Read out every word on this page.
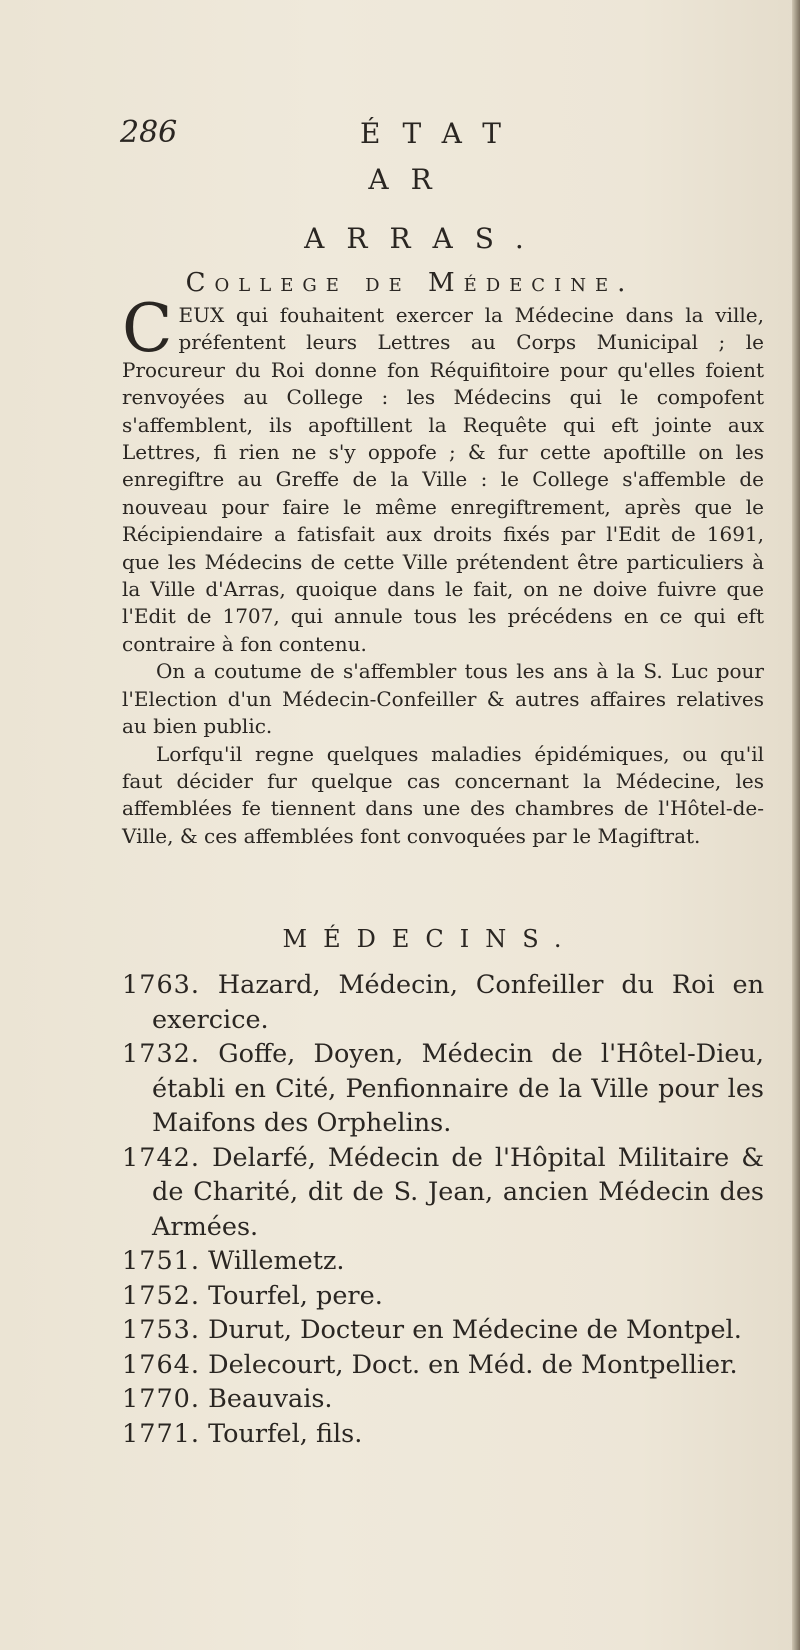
286	ÉTAT
AR
ARRAS.
College de Médecine.

CEUX qui fouhaitent exercer la Médecine dans la ville, préfentent leurs Lettres au Corps Municipal ; le Procureur du Roi donne fon Réquifitoire pour qu'elles foient renvoyées au College : les Médecins qui le compofent s'affemblent, ils apoftillent la Requête qui eft jointe aux Lettres, fi rien ne s'y oppofe ; & fur cette apoftille on les enregiftre au Greffe de la Ville : le College s'affemble de nouveau pour faire le même enregiftrement, après que le Récipiendaire a fatisfait aux droits fixés par l'Edit de 1691, que les Médecins de cette Ville prétendent être particuliers à la Ville d'Arras, quoique dans le fait, on ne doive fuivre que l'Edit de 1707, qui annule tous les précédens en ce qui eft contraire à fon contenu.

On a coutume de s'affembler tous les ans à la S. Luc pour l'Election d'un Médecin-Confeiller & autres affaires relatives au bien public.

Lorfqu'il regne quelques maladies épidémiques, ou qu'il faut décider fur quelque cas concernant la Médecine, les affemblées fe tiennent dans une des chambres de l'Hôtel-de-Ville, & ces affemblées font convoquées par le Magiftrat.

MÉDECINS.
1763. Hazard, Médecin, Confeiller du Roi en exercice.
1732. Goffe, Doyen, Médecin de l'Hôtel-Dieu, établi en Cité, Penfionnaire de la Ville pour les Maifons des Orphelins.
1742. Delarfé, Médecin de l'Hôpital Militaire & de Charité, dit de S. Jean, ancien Médecin des Armées.
1751. Willemetz.
1752. Tourfel, pere.
1753. Durut, Docteur en Médecine de Montpel.
1764. Delecourt, Doct. en Méd. de Montpellier.
1770. Beauvais.
1771. Tourfel, fils.
